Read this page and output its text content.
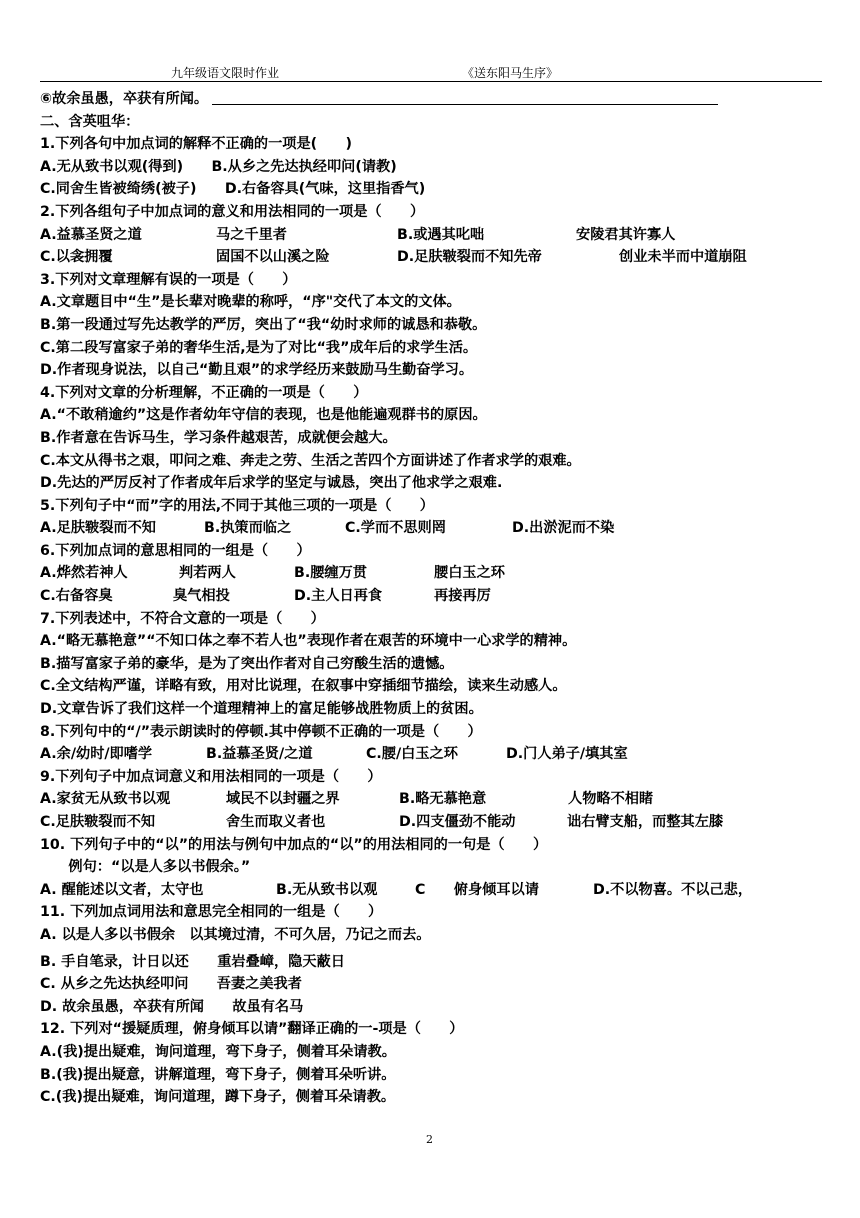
九年级语文限时作业	《送东阳马生序》
⑥故余虽愚，卒获有所闻。
二、含英咀华：
1.下列各句中加点词的解释不正确的一项是(　　)
A.无从致书以观(得到)　　B.从乡之先达执经叩问(请教)
C.同舍生皆被绮绣(被子)　　D.右备容具(气味，这里指香气)
2.下列各组句子中加点词的意义和用法相同的一项是（　　）
A.益慕圣贤之道	马之千里者	B.或遇其叱咄	安陵君其许寡人
C.以衾拥覆	固国不以山溪之险	D.足肤皲裂而不知先帝	创业未半而中道崩阻
3.下列对文章理解有误的一项是（　　）
A.文章题目中“生”是长辈对晚辈的称呼，“序"交代了本文的文体。
B.第一段通过写先达教学的严厉，突出了“我“幼时求师的诚恳和恭敬。
C.第二段写富家子弟的奢华生活,是为了对比“我”成年后的求学生活。
D.作者现身说法，以自己“勤且艰”的求学经历来鼓励马生勤奋学习。
4.下列对文章的分析理解，不正确的一项是（　　）
A.“不敢稍逾约”这是作者幼年守信的表现，也是他能遍观群书的原因。
B.作者意在告诉马生，学习条件越艰苦，成就便会越大。
C.本文从得书之艰，叩问之难、奔走之劳、生活之苦四个方面讲述了作者求学的艰难。
D.先达的严厉反衬了作者成年后求学的坚定与诚恳，突出了他求学之艰难.
5.下列句子中“而”字的用法,不同于其他三项的一项是（　　）
A.足肤皲裂而不知	B.执策而临之	C.学而不思则罔	D.出淤泥而不染
6.下列加点词的意思相同的一组是（　　）
A.烨然若神人	判若两人	B.腰缠万贯	腰白玉之环
C.右备容臭	臭气相投	D.主人日再食	再接再厉
7.下列表述中，不符合文意的一项是（　　）
A.“略无慕艳意”“不知口体之奉不若人也”表现作者在艰苦的环境中一心求学的精神。
B.描写富家子弟的豪华，是为了突出作者对自己穷酸生活的遗憾。
C.全文结构严谨，详略有致，用对比说理，在叙事中穿插细节描绘，读来生动感人。
D.文章告诉了我们这样一个道理精神上的富足能够战胜物质上的贫困。
8.下列句中的“/”表示朗读时的停顿.其中停顿不正确的一项是（　　）
A.余/幼时/即嗜学	B.益慕圣贤/之道	C.腰/白玉之环	D.门人弟子/填其室
9.下列句子中加点词意义和用法相同的一项是（　　）
A.家贫无从致书以观	域民不以封疆之界	B.略无慕艳意	人物略不相睹
C.足肤皲裂而不知	舍生而取义者也	D.四支僵劲不能动	诎右臂支船，而整其左膝
10. 下列句子中的“以”的用法与例句中加点的“以”的用法相同的一句是（　　）
　　例句：“以是人多以书假余。”
A. 醒能述以文者，太守也	B.无从致书以观	C　　俯身倾耳以请	D.不以物喜。不以己悲，
11. 下列加点词用法和意思完全相同的一组是（　　）
A. 以是人多以书假余　以其境过清，不可久居，乃记之而去。
B. 手自笔录，计日以还　　重岩叠嶂，隐天蔽日
C. 从乡之先达执经叩问　　吾妻之美我者
D. 故余虽愚，卒获有所闻　　故虽有名马
12. 下列对“援疑质理，俯身倾耳以请”翻译正确的一-项是（　　）
A.(我)提出疑难，询问道理，弯下身子，侧着耳朵请教。
B.(我)提出疑意，讲解道理，弯下身子，侧着耳朵听讲。
C.(我)提出疑难，询问道理，蹲下身子，侧着耳朵请教。
2
